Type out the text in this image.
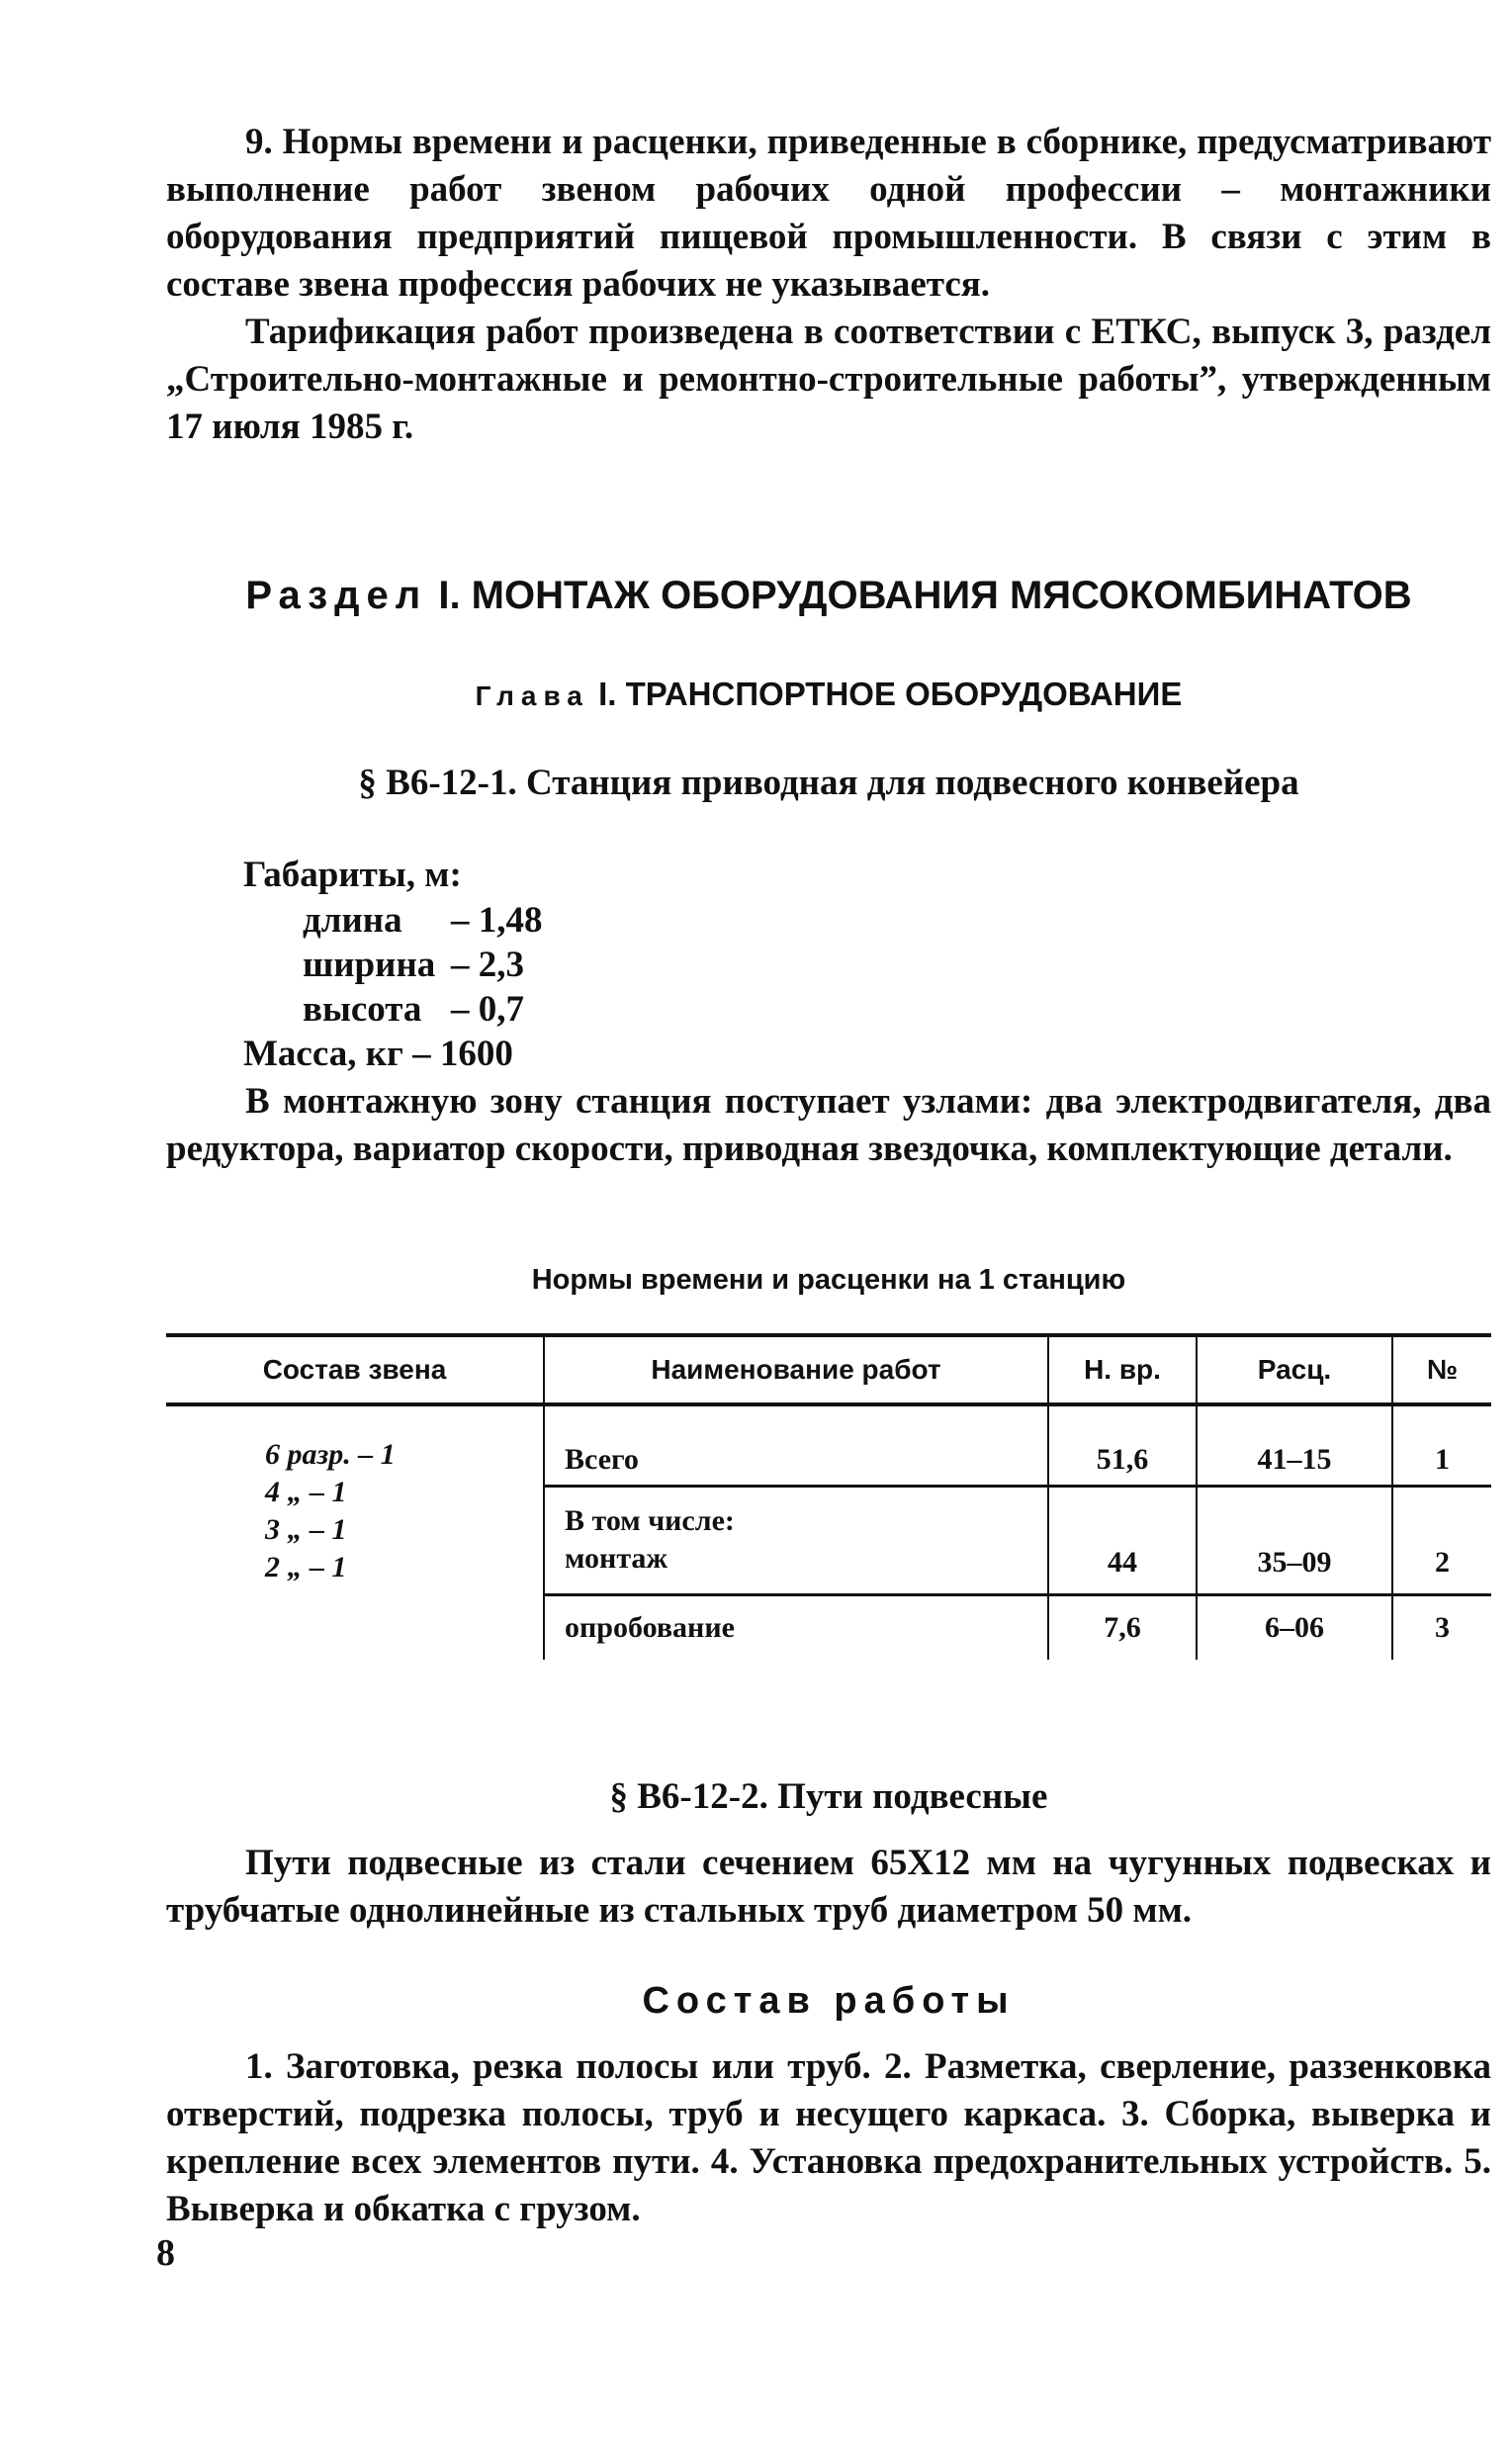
9. Нормы времени и расценки, приведенные в сборнике, предусматривают выполнение работ звеном рабочих одной профессии – монтажники оборудования предприятий пищевой промышленности. В связи с этим в составе звена профессия рабочих не указывается.

Тарификация работ произведена в соответствии с ЕТКС, выпуск 3, раздел „Строительно-монтажные и ремонтно-строительные работы”, утвержденным 17 июля 1985 г.

Раздел I. МОНТАЖ ОБОРУДОВАНИЯ МЯСОКОМБИНАТОВ
Глава I. ТРАНСПОРТНОЕ ОБОРУДОВАНИЕ
§ В6-12-1. Станция приводная для подвесного конвейера
Габариты, м:
длина – 1,48
ширина – 2,3
высота – 0,7
Масса, кг – 1600

В монтажную зону станция поступает узлами: два электродвигателя, два редуктора, вариатор скорости, приводная звездочка, комплектующие детали.

Нормы времени и расценки на 1 станцию
Состав звена	Наименование работ	Н. вр.	Расц.	№

6 разр. – 1
4 „ – 1
3 „ – 1
2 „ – 1	Всего	51,6	41–15	1

	В том числе:
монтаж	44	35–09	2
	опробование	7,6	6–06	3
§ В6-12-2. Пути подвесные

Пути подвесные из стали сечением 65Х12 мм на чугунных подвесках и трубчатые однолинейные из стальных труб диаметром 50 мм.

Состав работы

1. Заготовка, резка полосы или труб. 2. Разметка, сверление, раззенковка отверстий, подрезка полосы, труб и несущего каркаса. 3. Сборка, выверка и крепление всех элементов пути. 4. Установка предохранительных устройств. 5. Выверка и обкатка с грузом.

8
